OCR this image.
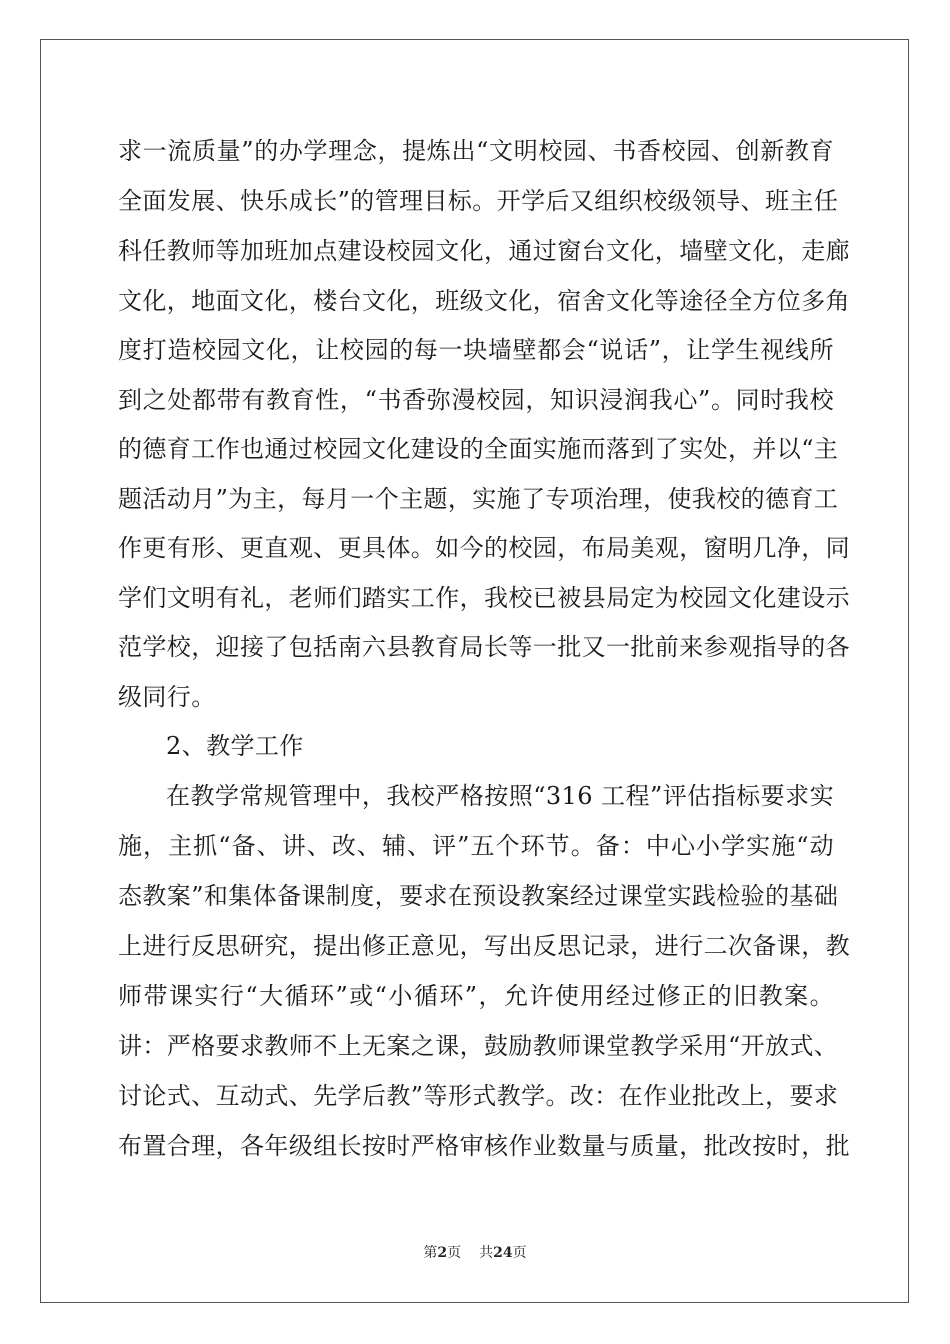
求一流质量”的办学理念，提炼出“文明校园、书香校园、创新教育
全面发展、快乐成长”的管理目标。开学后又组织校级领导、班主任
科任教师等加班加点建设校园文化，通过窗台文化，墙壁文化，走廊
文化，地面文化，楼台文化，班级文化，宿舍文化等途径全方位多角
度打造校园文化，让校园的每一块墙壁都会“说话”，让学生视线所
到之处都带有教育性，“书香弥漫校园，知识浸润我心”。同时我校
的德育工作也通过校园文化建设的全面实施而落到了实处，并以“主
题活动月”为主，每月一个主题，实施了专项治理，使我校的德育工
作更有形、更直观、更具体。如今的校园，布局美观，窗明几净，同
学们文明有礼，老师们踏实工作，我校已被县局定为校园文化建设示
范学校，迎接了包括南六县教育局长等一批又一批前来参观指导的各
级同行。
2、教学工作
在教学常规管理中，我校严格按照“316 工程”评估指标要求实
施，主抓“备、讲、改、辅、评”五个环节。备：中心小学实施“动
态教案”和集体备课制度，要求在预设教案经过课堂实践检验的基础
上进行反思研究，提出修正意见，写出反思记录，进行二次备课，教
师带课实行“大循环”或“小循环”，允许使用经过修正的旧教案。
讲：严格要求教师不上无案之课，鼓励教师课堂教学采用“开放式、
讨论式、互动式、先学后教”等形式教学。改：在作业批改上，要求
布置合理，各年级组长按时严格审核作业数量与质量，批改按时，批
第2页 共24页
